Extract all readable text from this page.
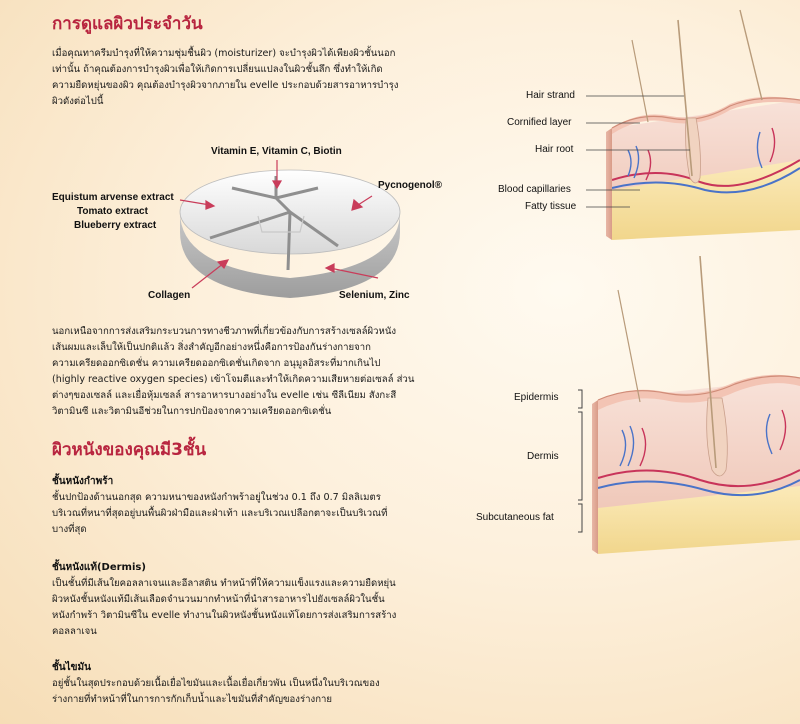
การดูแลผิวประจำวัน

เมื่อคุณทาครีมบำรุงที่ให้ความชุ่มชื้นผิว (moisturizer) จะบำรุงผิวได้เพียงผิวชั้นนอก

เท่านั้น ถ้าคุณต้องการบำรุงผิวเพื่อให้เกิดการเปลี่ยนแปลงในผิวชั้นลึก ซึ่งทำให้เกิด

ความยืดหยุ่นของผิว คุณต้องบำรุงผิวจากภายใน evelle ประกอบด้วยสารอาหารบำรุง

ผิวดังต่อไปนี้

Vitamin E, Vitamin C, Biotin
Equistum arvense extract
Tomato extract
Blueberry extract
Pycnogenol®
Collagen	Selenium, Zinc

นอกเหนือจากการส่งเสริมกระบวนการทางชีวภาพที่เกี่ยวข้องกับการสร้างเซลล์ผิวหนัง

เส้นผมและเล็บให้เป็นปกติแล้ว สิ่งสำคัญอีกอย่างหนึ่งคือการป้องกันร่างกายจาก

ความเครียดออกซิเดชั่น ความเครียดออกซิเดชั่นเกิดจาก อนุมูลอิสระที่มากเกินไป

(highly reactive oxygen species) เข้าโจมตีและทำให้เกิดความเสียหายต่อเซลล์ ส่วน

ต่างๆของเซลล์ และเยื่อหุ้มเซลล์ สารอาหารบางอย่างใน evelle เช่น ซีลีเนียม สังกะสี

วิตามินซี และวิตามินอีช่วยในการปกป้องจากความเครียดออกซิเดชั่น

ผิวหนังของคุณมี3ชั้น
ชั้นหนังกำพร้า

ชั้นปกป้องด้านนอกสุด ความหนาของหนังกำพร้าอยู่ในช่วง 0.1 ถึง 0.7 มิลลิเมตร

บริเวณที่หนาที่สุดอยู่บนพื้นผิวฝ่ามือและฝ่าเท้า และบริเวณเปลือกตาจะเป็นบริเวณที่

บางที่สุด

ชั้นหนังแท้(Dermis)

เป็นชั้นที่มีเส้นใยคอลลาเจนและอีลาสติน ทำหน้าที่ให้ความแข็งแรงและความยืดหยุ่น

ผิวหนังชั้นหนังแท้มีเส้นเลือดจำนวนมากทำหน้าที่นำสารอาหารไปยังเซลล์ผิวในชั้น

หนังกำพร้า วิตามินซีใน evelle ทำงานในผิวหนังชั้นหนังแท้โดยการส่งเสริมการสร้าง

คอลลาเจน

ชั้นไขมัน

อยู่ชั้นในสุดประกอบด้วยเนื้อเยื่อไขมันและเนื้อเยื่อเกี่ยวพัน เป็นหนึ่งในบริเวณของ

ร่างกายที่ทำหน้าที่ในการการกักเก็บน้ำและไขมันที่สำคัญของร่างกาย

Hair strand
Cornified layer
Hair root
Blood capillaries
Fatty tissue
Epidermis
Dermis
Subcutaneous fat
